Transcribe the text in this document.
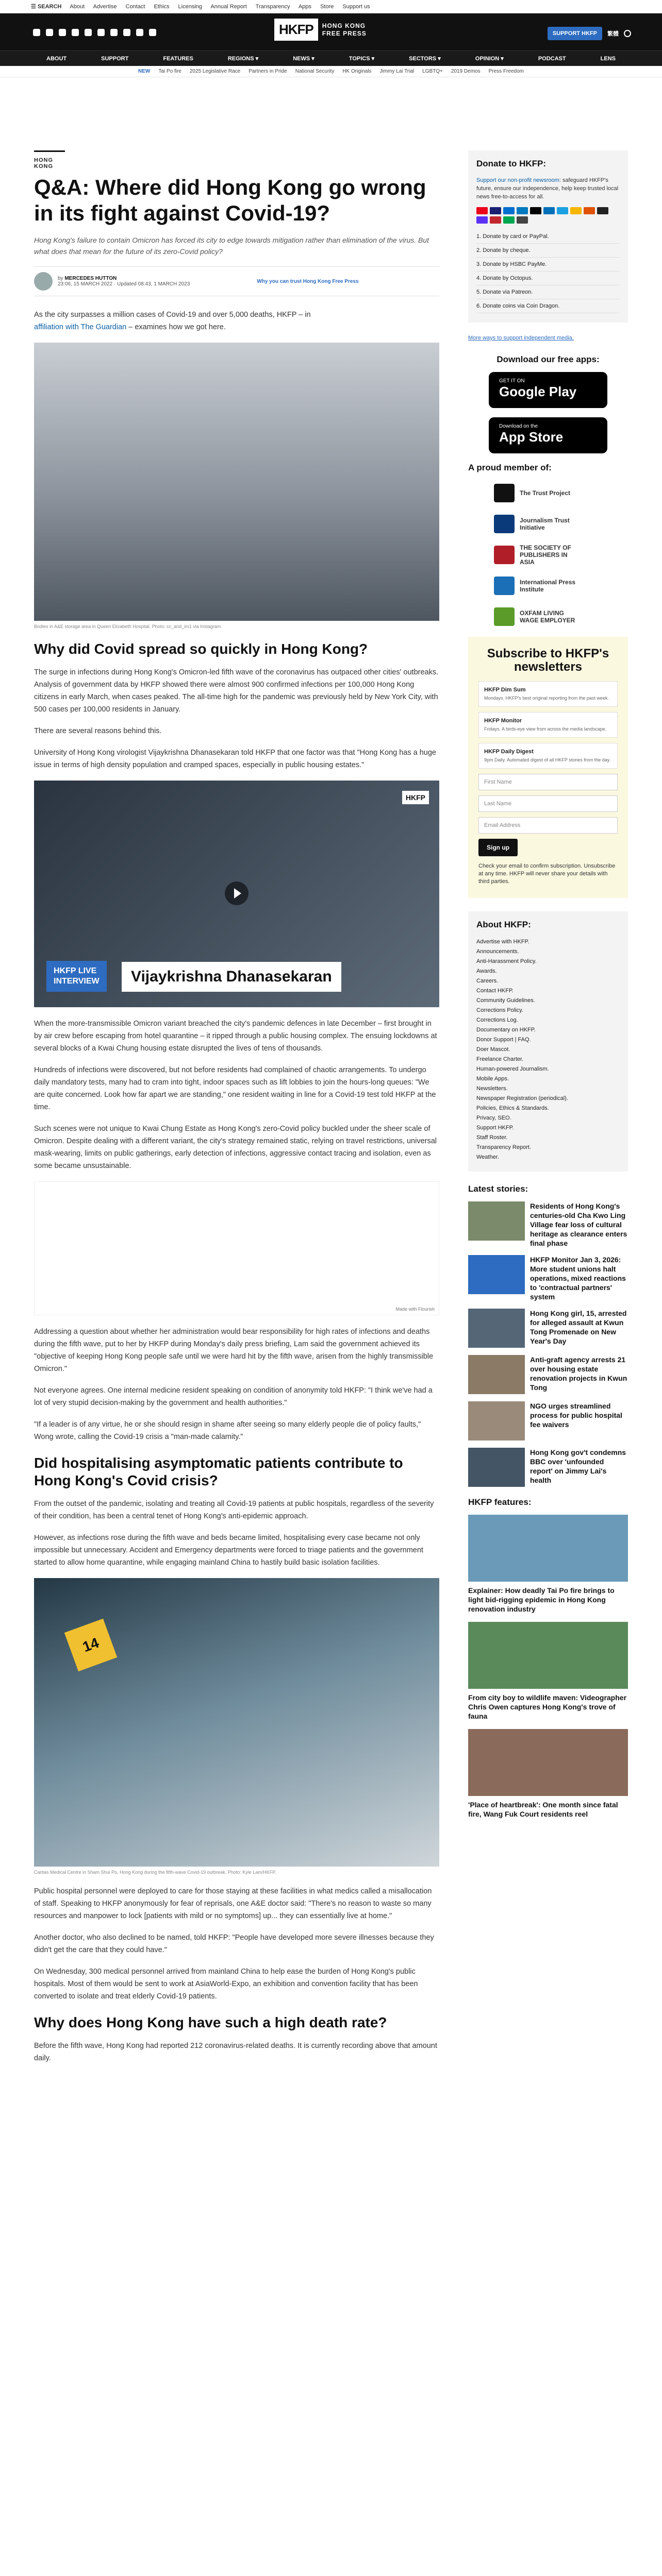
☰ SEARCH About Advertise Contact Ethics Licensing Annual Report Transparency Apps Store Support us
HKFP	HONG KONG
FREE PRESS	SUPPORT HKFP	繁體
ABOUT	SUPPORT	FEATURES	REGIONS ▾	NEWS ▾	TOPICS ▾	SECTORS ▾	OPINION ▾	PODCAST	LENS
NEW Tai Po fire 2025 Legislative Race Partners in Pride National Security HK Originals Jimmy Lai Trial LGBTQ+ 2019 Demos Press Freedom
HONG KONG
Q&A: Where did Hong Kong go wrong in its fight against Covid-19?
Hong Kong's failure to contain Omicron has forced its city to edge towards mitigation rather than elimination of the virus. But what does that mean for the future of its zero-Covid policy?
by MERCEDES HUTTON
23:06, 15 MARCH 2022 · Updated 08:43, 1 MARCH 2023	Why you can trust Hong Kong Free Press

As the city surpasses a million cases of Covid-19 and over 5,000 deaths, HKFP – in
affiliation with The Guardian – examines how we got here.

Bodies in A&E storage area in Queen Elizabeth Hospital. Photo: cc_and_im1 via Instagram.
Why did Covid spread so quickly in Hong Kong?

The surge in infections during Hong Kong's Omicron-led fifth wave of the coronavirus has outpaced other cities' outbreaks. Analysis of government data by HKFP showed there were almost 900 confirmed infections per 100,000 Hong Kong citizens in early March, when cases peaked. The all-time high for the pandemic was previously held by New York City, with 500 cases per 100,000 residents in January.

There are several reasons behind this.

University of Hong Kong virologist Vijaykrishna Dhanasekaran told HKFP that one factor was that "Hong Kong has a huge issue in terms of high density population and cramped spaces, especially in public housing estates."

HKFP
HKFP LIVE
INTERVIEW	Vijaykrishna Dhanasekaran

When the more-transmissible Omicron variant breached the city's pandemic defences in late December – first brought in by air crew before escaping from hotel quarantine – it ripped through a public housing complex. The ensuing lockdowns at several blocks of a Kwai Chung housing estate disrupted the lives of tens of thousands.

Hundreds of infections were discovered, but not before residents had complained of chaotic arrangements. To undergo daily mandatory tests, many had to cram into tight, indoor spaces such as lift lobbies to join the hours-long queues: "We are quite concerned. Look how far apart we are standing," one resident waiting in line for a Covid-19 test told HKFP at the time.

Such scenes were not unique to Kwai Chung Estate as Hong Kong's zero-Covid policy buckled under the sheer scale of Omicron. Despite dealing with a different variant, the city's strategy remained static, relying on travel restrictions, universal mask-wearing, limits on public gatherings, early detection of infections, aggressive contact tracing and isolation, even as some became unsustainable.

Made with Flourish

Addressing a question about whether her administration would bear responsibility for high rates of infections and deaths during the fifth wave, put to her by HKFP during Monday's daily press briefing, Lam said the government achieved its "objective of keeping Hong Kong people safe until we were hard hit by the fifth wave, arisen from the highly transmissible Omicron."

Not everyone agrees. One internal medicine resident speaking on condition of anonymity told HKFP: "I think we've had a lot of very stupid decision-making by the government and health authorities."

"If a leader is of any virtue, he or she should resign in shame after seeing so many elderly people die of policy faults," Wong wrote, calling the Covid-19 crisis a "man-made calamity."

Did hospitalising asymptomatic patients contribute to Hong Kong's Covid crisis?

From the outset of the pandemic, isolating and treating all Covid-19 patients at public hospitals, regardless of the severity of their condition, has been a central tenet of Hong Kong's anti-epidemic approach.

However, as infections rose during the fifth wave and beds became limited, hospitalising every case became not only impossible but unnecessary. Accident and Emergency departments were forced to triage patients and the government started to allow home quarantine, while engaging mainland China to hastily build basic isolation facilities.

14
Caritas Medical Centre in Sham Shui Po, Hong Kong during the fifth-wave Covid-19 outbreak. Photo: Kyle Lam/HKFP.

Public hospital personnel were deployed to care for those staying at these facilities in what medics called a misallocation of staff. Speaking to HKFP anonymously for fear of reprisals, one A&E doctor said: "There's no reason to waste so many resources and manpower to lock [patients with mild or no symptoms] up... they can essentially live at home."

Another doctor, who also declined to be named, told HKFP: "People have developed more severe illnesses because they didn't get the care that they could have."

On Wednesday, 300 medical personnel arrived from mainland China to help ease the burden of Hong Kong's public hospitals. Most of them would be sent to work at AsiaWorld-Expo, an exhibition and convention facility that has been converted to isolate and treat elderly Covid-19 patients.

Why does Hong Kong have such a high death rate?

Before the fifth wave, Hong Kong had reported 212 coronavirus-related deaths. It is currently recording above that amount daily.

Donate to HKFP:
Support our non-profit newsroom: safeguard HKFP's future, ensure our independence, help keep trusted local news free-to-access for all.
1. Donate by card or PayPal.
2. Donate by cheque.
3. Donate by HSBC PayMe.
4. Donate by Octopus.
5. Donate via Patreon.
6. Donate coins via Coin Dragon.
More ways to support independent media.
Download our free apps:
GET IT ON
Google Play
Download on the
App Store
A proud member of:
The Trust Project
Journalism Trust Initiative
THE SOCIETY OF PUBLISHERS IN ASIA
International Press Institute
OXFAM LIVING WAGE EMPLOYER
Subscribe to HKFP's newsletters
HKFP Dim Sum
Mondays. HKFP's best original reporting from the past week.
HKFP Monitor
Fridays. A birds-eye view from across the media landscape.
HKFP Daily Digest
9pm Daily. Automated digest of all HKFP stories from the day.
First Name
Last Name
Email Address
Sign up
Check your email to confirm subscription. Unsubscribe at any time. HKFP will never share your details with third parties.
About HKFP:
Advertise with HKFP.
Announcements.
Anti-Harassment Policy.
Awards.
Careers.
Contact HKFP.
Community Guidelines.
Corrections Policy.
Corrections Log.
Documentary on HKFP.
Donor Support | FAQ.
Doer Mascot.
Freelance Charter.
Human-powered Journalism.
Mobile Apps.
Newsletters.
Newspaper Registration (periodical).
Policies, Ethics & Standards.
Privacy, SEO.
Support HKFP.
Staff Roster.
Transparency Report.
Weather.
Latest stories:
Residents of Hong Kong's centuries-old Cha Kwo Ling Village fear loss of cultural heritage as clearance enters final phase
HKFP Monitor Jan 3, 2026: More student unions halt operations, mixed reactions to 'contractual partners' system
Hong Kong girl, 15, arrested for alleged assault at Kwun Tong Promenade on New Year's Day
Anti-graft agency arrests 21 over housing estate renovation projects in Kwun Tong
NGO urges streamlined process for public hospital fee waivers
Hong Kong gov't condemns BBC over 'unfounded report' on Jimmy Lai's health
HKFP features:
Explainer: How deadly Tai Po fire brings to light bid-rigging epidemic in Hong Kong renovation industry
From city boy to wildlife maven: Videographer Chris Owen captures Hong Kong's trove of fauna
'Place of heartbreak': One month since fatal fire, Wang Fuk Court residents reel
